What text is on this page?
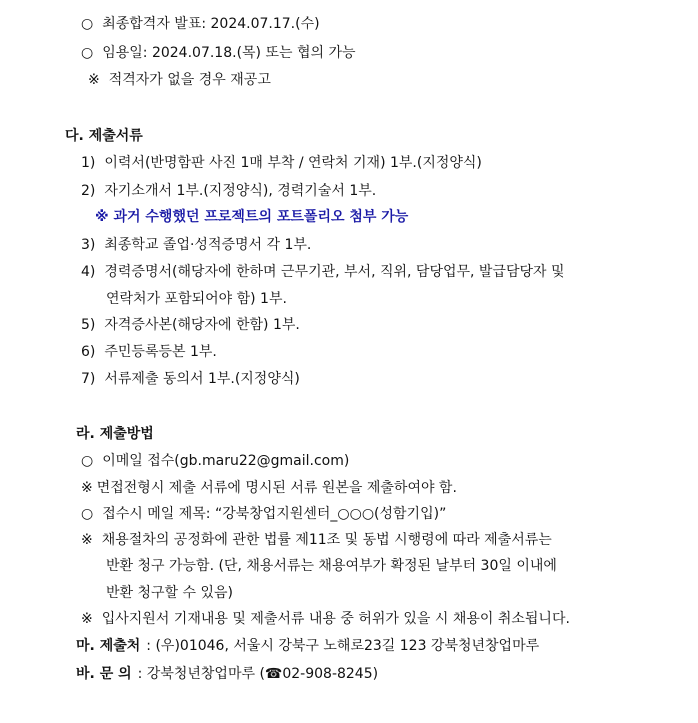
○ 최종합격자 발표: 2024.07.17.(수)
○ 임용일: 2024.07.18.(목) 또는 협의 가능
※ 적격자가 없을 경우 재공고
다. 제출서류
1) 이력서(반명함판 사진 1매 부착 / 연락처 기재) 1부.(지정양식)
2) 자기소개서 1부.(지정양식), 경력기술서 1부.
※ 과거 수행했던 프로젝트의 포트폴리오 첨부 가능
3) 최종학교 졸업·성적증명서 각 1부.
4) 경력증명서(해당자에 한하며 근무기관, 부서, 직위, 담당업무, 발급담당자 및
연락처가 포함되어야 함) 1부.
5) 자격증사본(해당자에 한함) 1부.
6) 주민등록등본 1부.
7) 서류제출 동의서 1부.(지정양식)
라. 제출방법
○ 이메일 접수(gb.maru22@gmail.com)
※ 면접전형시 제출 서류에 명시된 서류 원본을 제출하여야 함.
○ 접수시 메일 제목: “강북창업지원센터_○○○(성함기입)”
※ 채용절차의 공정화에 관한 법률 제11조 및 동법 시행령에 따라 제출서류는
반환 청구 가능함. (단, 채용서류는 채용여부가 확정된 날부터 30일 이내에
반환 청구할 수 있음)
※ 입사지원서 기재내용 및 제출서류 내용 중 허위가 있을 시 채용이 취소됩니다.
마. 제출처 : (우)01046, 서울시 강북구 노해로23길 123 강북청년창업마루
바. 문 의 : 강북청년창업마루 (☎02-908-8245)
